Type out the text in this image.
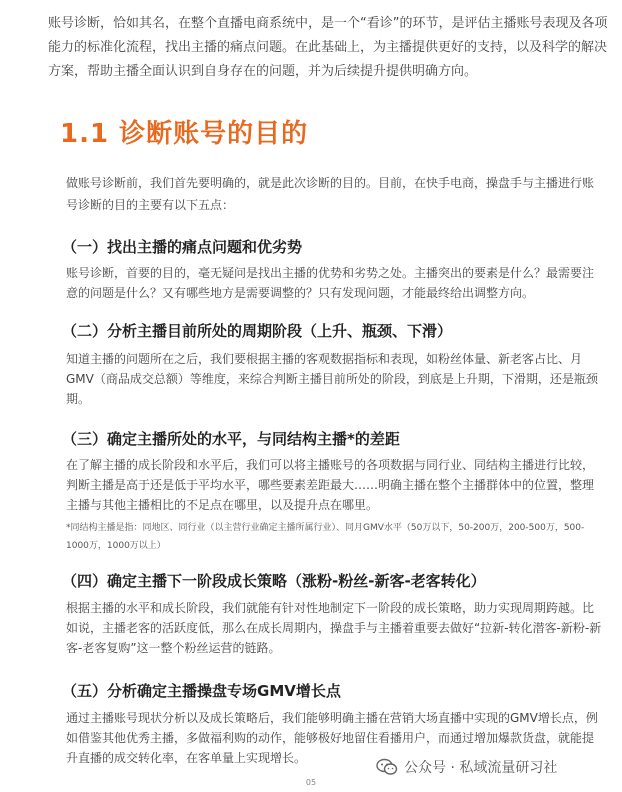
账号诊断，恰如其名，在整个直播电商系统中，是一个“看诊”的环节，是评估主播账号表现及各项能力的标准化流程，找出主播的痛点问题。在此基础上，为主播提供更好的支持，以及科学的解决方案，帮助主播全面认识到自身存在的问题，并为后续提升提供明确方向。

1.1 诊断账号的目的

做账号诊断前，我们首先要明确的，就是此次诊断的目的。目前，在快手电商，操盘手与主播进行账号诊断的目的主要有以下五点：

（一）找出主播的痛点问题和优劣势

账号诊断，首要的目的，毫无疑问是找出主播的优势和劣势之处。主播突出的要素是什么？最需要注意的问题是什么？又有哪些地方是需要调整的？只有发现问题，才能最终给出调整方向。

（二）分析主播目前所处的周期阶段（上升、瓶颈、下滑）

知道主播的问题所在之后，我们要根据主播的客观数据指标和表现，如粉丝体量、新老客占比、月GMV（商品成交总额）等维度，来综合判断主播目前所处的阶段，到底是上升期，下滑期，还是瓶颈期。

（三）确定主播所处的水平，与同结构主播*的差距

在了解主播的成长阶段和水平后，我们可以将主播账号的各项数据与同行业、同结构主播进行比较，判断主播是高于还是低于平均水平，哪些要素差距最大……明确主播在整个主播群体中的位置，整理主播与其他主播相比的不足点在哪里，以及提升点在哪里。

*同结构主播是指：同地区、同行业（以主营行业确定主播所属行业）、同月GMV水平（50万以下，50-200万，200-500万，500-1000万，1000万以上）

（四）确定主播下一阶段成长策略（涨粉-粉丝-新客-老客转化）

根据主播的水平和成长阶段，我们就能有针对性地制定下一阶段的成长策略，助力实现周期跨越。比如说，主播老客的活跃度低，那么在成长周期内，操盘手与主播着重要去做好“拉新-转化潜客-新粉-新客-老客复购”这一整个粉丝运营的链路。

（五）分析确定主播操盘专场GMV增长点

通过主播账号现状分析以及成长策略后，我们能够明确主播在营销大场直播中实现的GMV增长点，例如借鉴其他优秀主播，多做福利购的动作，能够极好地留住看播用户，而通过增加爆款货盘，就能提升直播的成交转化率，在客单量上实现增长。

公众号 · 私域流量研习社
05
